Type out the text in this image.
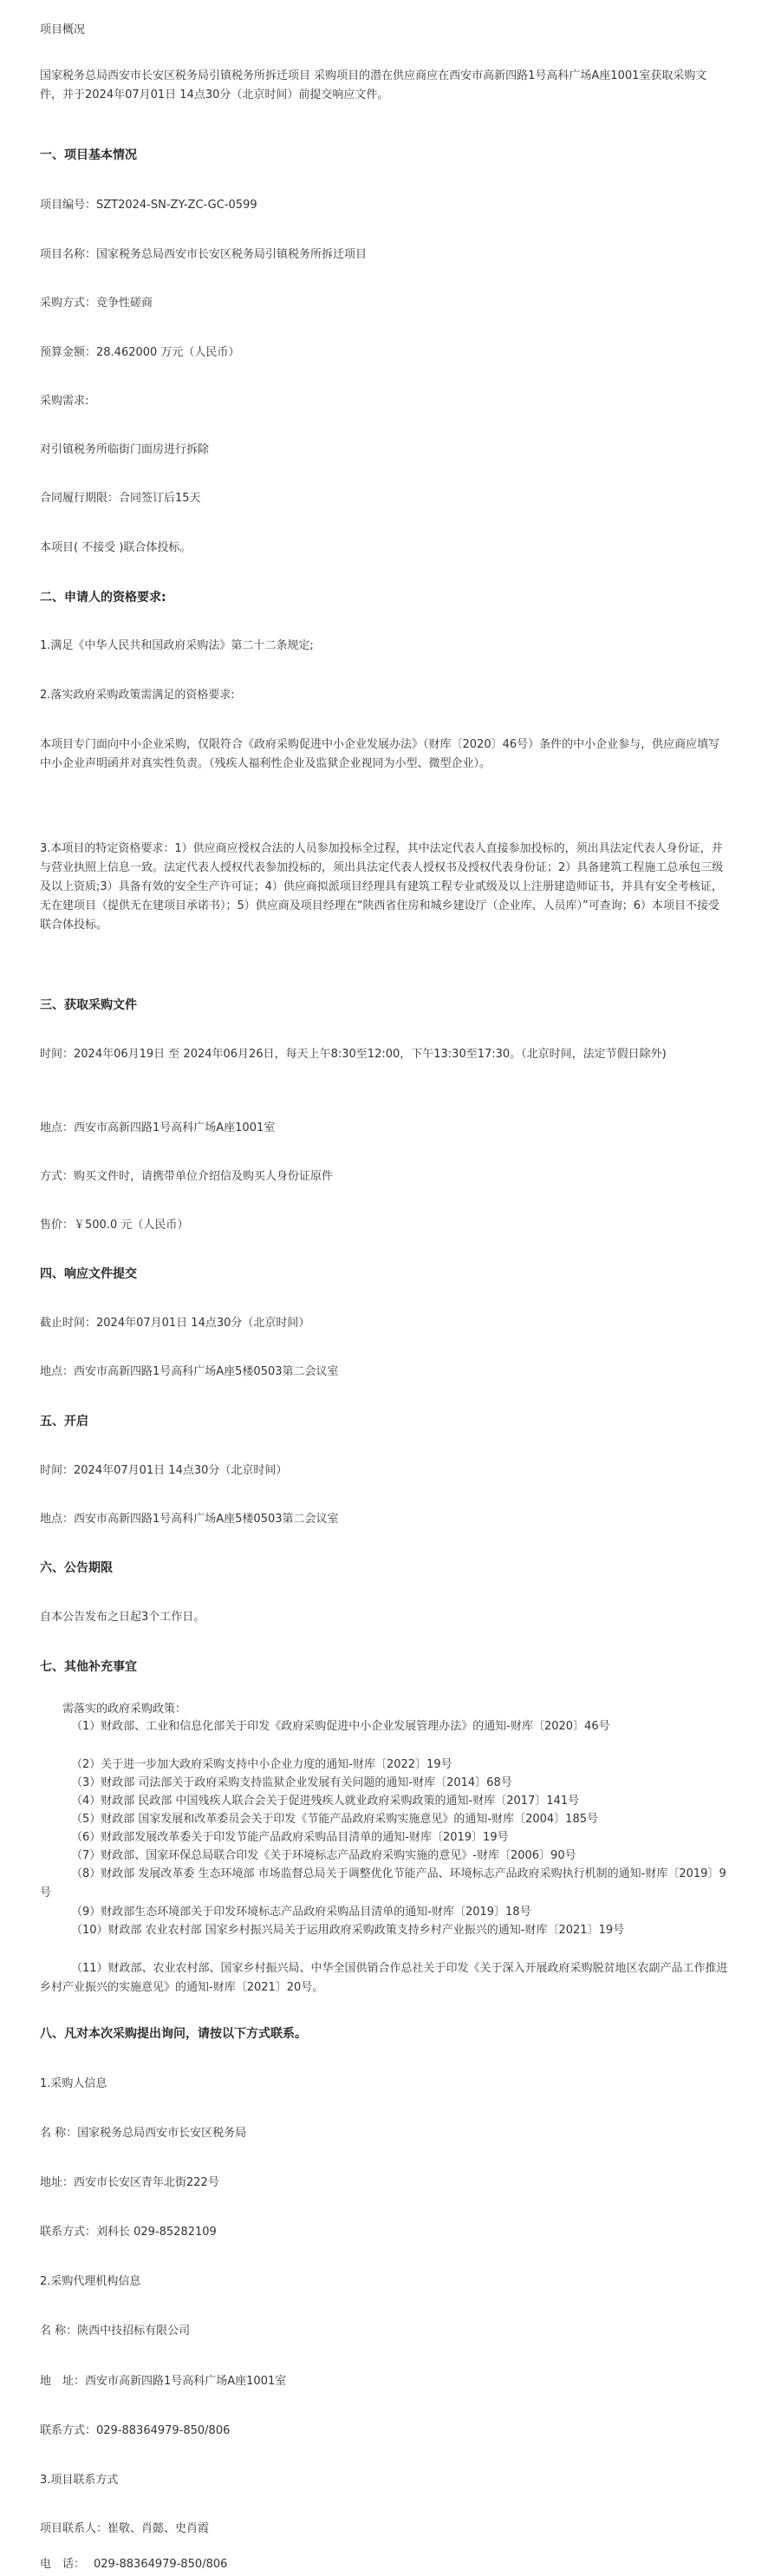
项目概况

国家税务总局西安市长安区税务局引镇税务所拆迁项目 采购项目的潜在供应商应在西安市高新四路1号高科广场A座1001室获取采购文件，并于2024年07月01日 14点30分（北京时间）前提交响应文件。

一、项目基本情况

项目编号：SZT2024-SN-ZY-ZC-GC-0599

项目名称：国家税务总局西安市长安区税务局引镇税务所拆迁项目

采购方式：竞争性磋商

预算金额：28.462000 万元（人民币）

采购需求:

对引镇税务所临街门面房进行拆除

合同履行期限：合同签订后15天

本项目( 不接受 )联合体投标。

二、申请人的资格要求:

1.满足《中华人民共和国政府采购法》第二十二条规定;

2.落实政府采购政策需满足的资格要求:

本项目专门面向中小企业采购，仅限符合《政府采购促进中小企业发展办法》（财库〔2020〕46号）条件的中小企业参与，供应商应填写中小企业声明函并对真实性负责。（残疾人福利性企业及监狱企业视同为小型、微型企业）。

3.本项目的特定资格要求：1）供应商应授权合法的人员参加投标全过程，其中法定代表人直接参加投标的，须出具法定代表人身份证，并与营业执照上信息一致。法定代表人授权代表参加投标的，须出具法定代表人授权书及授权代表身份证；2）具备建筑工程施工总承包三级及以上资质;3）具备有效的安全生产许可证；4）供应商拟派项目经理具有建筑工程专业贰级及以上注册建造师证书，并具有安全考核证，无在建项目（提供无在建项目承诺书）；5）供应商及项目经理在“陕西省住房和城乡建设厅（企业库、人员库）”可查询；6）本项目不接受联合体投标。

三、获取采购文件

时间：2024年06月19日 至 2024年06月26日，每天上午8:30至12:00，下午13:30至17:30。（北京时间，法定节假日除外)

地点：西安市高新四路1号高科广场A座1001室

方式：购买文件时，请携带单位介绍信及购买人身份证原件

售价：￥500.0 元（人民币）

四、响应文件提交

截止时间：2024年07月01日 14点30分（北京时间）

地点：西安市高新四路1号高科广场A座5楼0503第二会议室

五、开启

时间：2024年07月01日 14点30分（北京时间）

地点：西安市高新四路1号高科广场A座5楼0503第二会议室

六、公告期限

自本公告发布之日起3个工作日。

七、其他补充事宜

需落实的政府采购政策：

（1）财政部、工业和信息化部关于印发《政府采购促进中小企业发展管理办法》的通知-财库〔2020〕46号

（2）关于进一步加大政府采购支持中小企业力度的通知-财库〔2022〕19号

（3）财政部 司法部关于政府采购支持监狱企业发展有关问题的通知-财库〔2014〕68号

（4）财政部 民政部 中国残疾人联合会关于促进残疾人就业政府采购政策的通知-财库〔2017〕141号

（5）财政部 国家发展和改革委员会关于印发《节能产品政府采购实施意见》的通知-财库〔2004〕185号

（6）财政部发展改革委关于印发节能产品政府采购品目清单的通知-财库〔2019〕19号

（7）财政部、国家环保总局联合印发《关于环境标志产品政府采购实施的意见》-财库〔2006〕90号

（8）财政部 发展改革委 生态环境部 市场监督总局关于调整优化节能产品、环境标志产品政府采购执行机制的通知-财库〔2019〕9号

（9）财政部生态环境部关于印发环境标志产品政府采购品目清单的通知-财库〔2019〕18号

（10）财政部 农业农村部 国家乡村振兴局关于运用政府采购政策支持乡村产业振兴的通知-财库〔2021〕19号

（11）财政部、农业农村部、国家乡村振兴局、中华全国供销合作总社关于印发《关于深入开展政府采购脱贫地区农副产品工作推进乡村产业振兴的实施意见》的通知-财库〔2021〕20号。

八、凡对本次采购提出询问，请按以下方式联系。

1.采购人信息

名 称：国家税务总局西安市长安区税务局

地址：西安市长安区青年北街222号

联系方式：刘科长 029-85282109

2.采购代理机构信息

名 称：陕西中技招标有限公司

地　址：西安市高新四路1号高科广场A座1001室

联系方式：029-88364979-850/806

3.项目联系方式

项目联系人：崔敬、肖懿、史肖霞

电　话： 029-88364979-850/806
